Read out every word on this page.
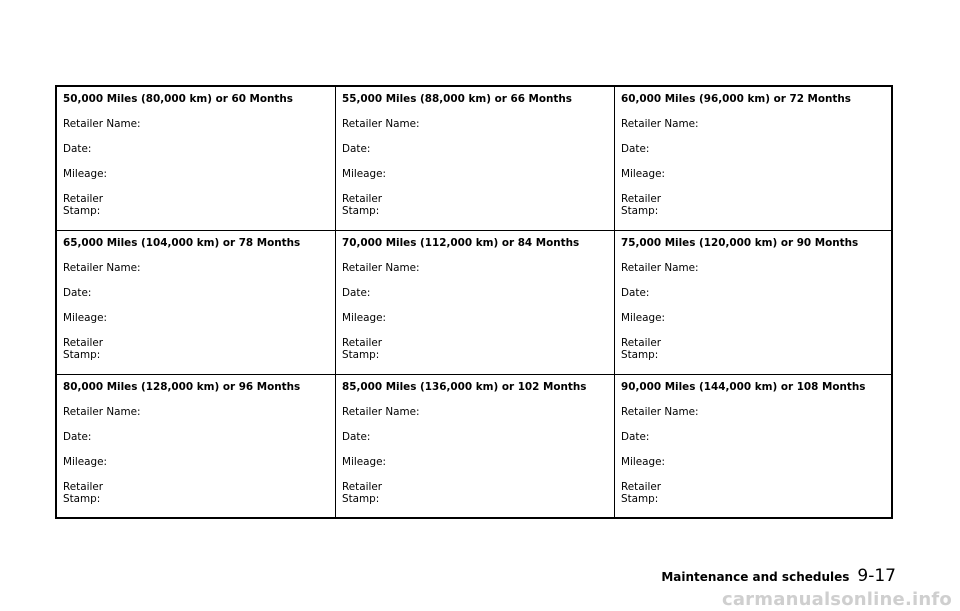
50,000 Miles (80,000 km) or 60 Months
Retailer Name:
Date:
Mileage:
Retailer Stamp:
55,000 Miles (88,000 km) or 66 Months
Retailer Name:
Date:
Mileage:
Retailer Stamp:
60,000 Miles (96,000 km) or 72 Months
Retailer Name:
Date:
Mileage:
Retailer Stamp:
65,000 Miles (104,000 km) or 78 Months
Retailer Name:
Date:
Mileage:
Retailer Stamp:
70,000 Miles (112,000 km) or 84 Months
Retailer Name:
Date:
Mileage:
Retailer Stamp:
75,000 Miles (120,000 km) or 90 Months
Retailer Name:
Date:
Mileage:
Retailer Stamp:
80,000 Miles (128,000 km) or 96 Months
Retailer Name:
Date:
Mileage:
Retailer Stamp:
85,000 Miles (136,000 km) or 102 Months
Retailer Name:
Date:
Mileage:
Retailer Stamp:
90,000 Miles (144,000 km) or 108 Months
Retailer Name:
Date:
Mileage:
Retailer Stamp:
Maintenance and schedules 9-17
carmanualsonline.info
